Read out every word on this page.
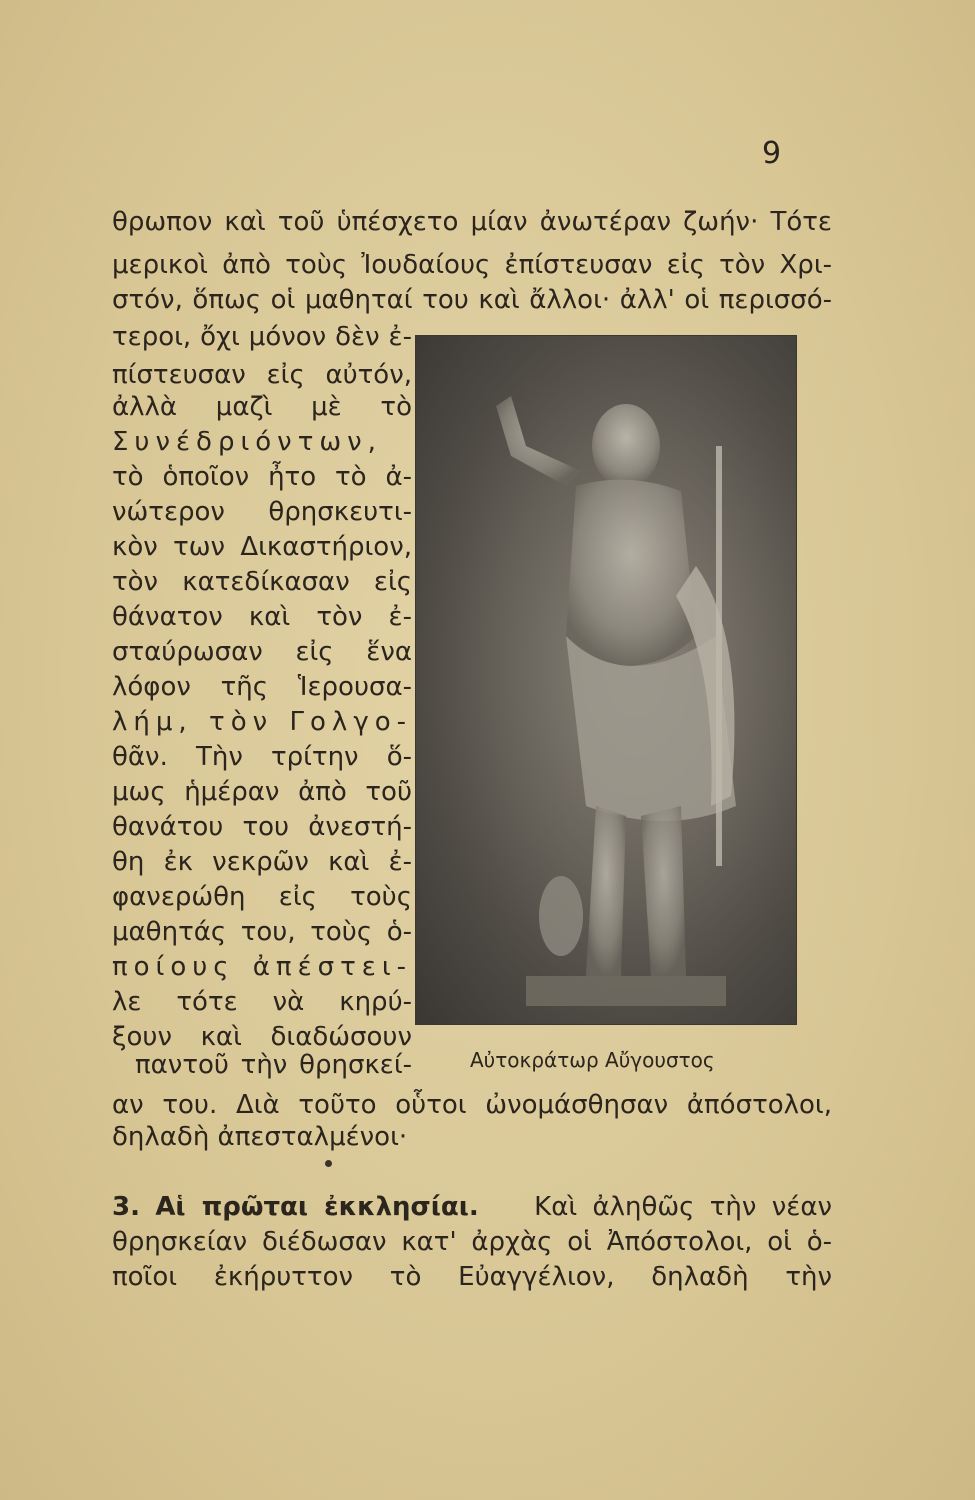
9
θρωπον καὶ τοῦ ὑπέσχετο μίαν ἀνωτέραν ζωήν· Τότε
μερικοὶ ἀπὸ τοὺς Ἰουδαίους ἐπίστευσαν εἰς τὸν Χρι-
στόν, ὅπως οἱ μαθηταί του καὶ ἄλλοι· ἀλλ' οἱ περισσό-
τεροι, ὄχι μόνον δὲν ἐ-
πίστευσαν εἰς αὐτόν,
ἀλλὰ μαζὶ μὲ τὸ
Συνέδριόντων,
τὸ ὁποῖον ἦτο τὸ ἀ-
νώτερον θρησκευτι-
κὸν των Δικαστήριον,
τὸν κατεδίκασαν εἰς
θάνατον καὶ τὸν ἐ-
σταύρωσαν εἰς ἕνα
λόφον τῆς Ἱερουσα-
λήμ, τὸν Γολγο-
θᾶν. Τὴν τρίτην ὅ-
μως ἡμέραν ἀπὸ τοῦ
θανάτου του ἀνεστή-
θη ἐκ νεκρῶν καὶ ἐ-
φανερώθη εἰς τοὺς
μαθητάς του, τοὺς ὁ-
ποίους ἀπέστει-
λε τότε νὰ κηρύ-
ξουν καὶ διαδώσουν
παντοῦ τὴν θρησκεί-
αν του. Διὰ τοῦτο οὗτοι ὠνομάσθησαν ἀπόστολοι,
δηλαδὴ ἀπεσταλμένοι·
Αὐτοκράτωρ Αὔγουστος
3. Αἱ πρῶται ἐκκλησίαι. Καὶ ἀληθῶς τὴν νέαν
θρησκείαν διέδωσαν κατ' ἀρχὰς οἱ Ἀπόστολοι, οἱ ὁ-
ποῖοι ἐκήρυττον τὸ Εὐαγγέλιον, δηλαδὴ τὴν
